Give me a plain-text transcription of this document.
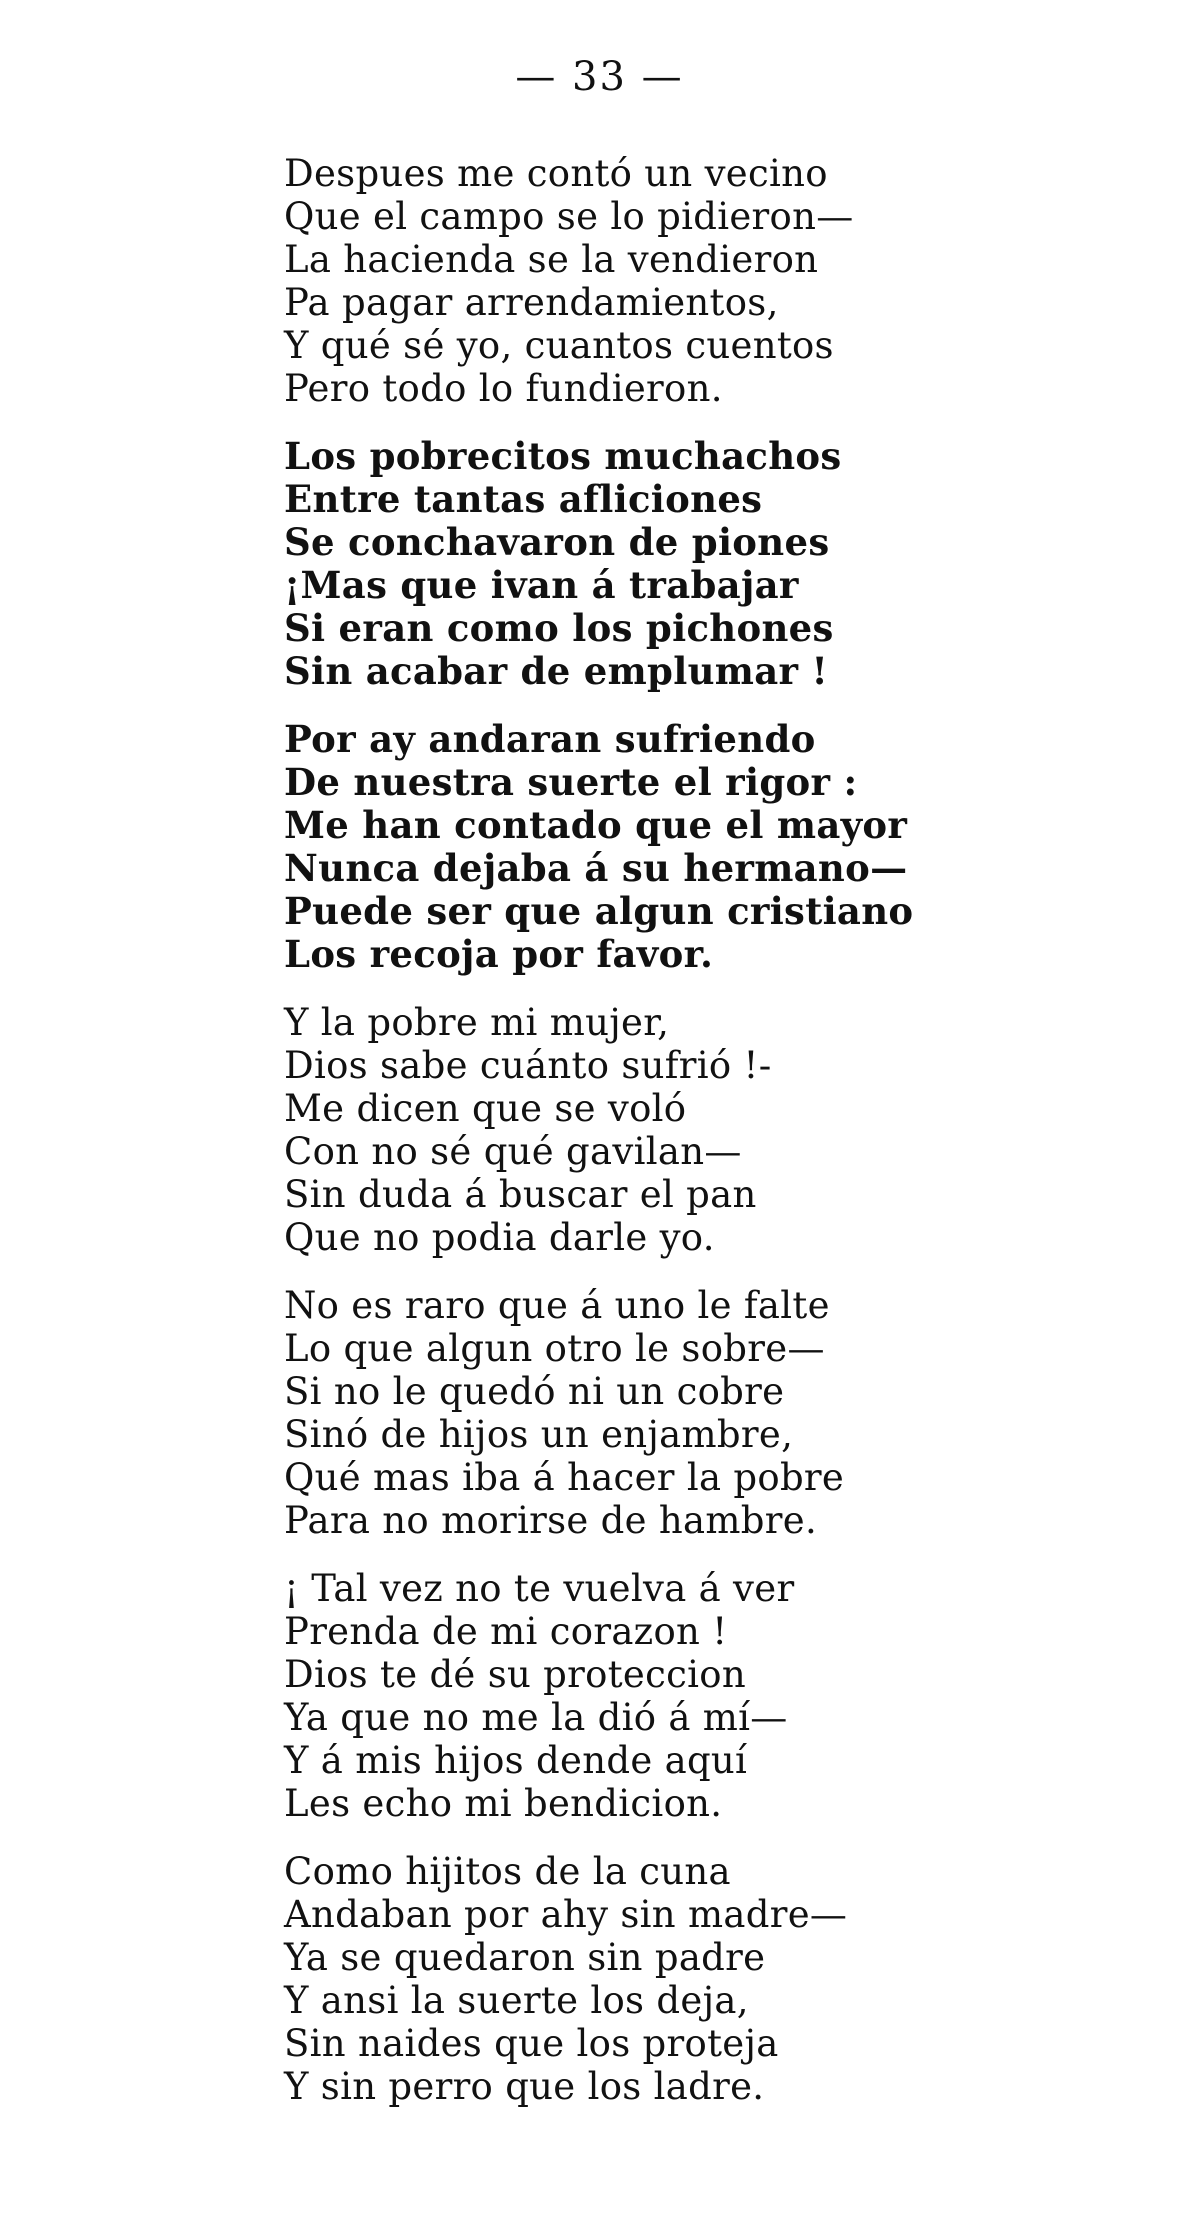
— 33 —
Despues me contó un vecino
Que el campo se lo pidieron—
La hacienda se la vendieron
Pa pagar arrendamientos,
Y qué sé yo, cuantos cuentos
Pero todo lo fundieron.
Los pobrecitos muchachos
Entre tantas afliciones
Se conchavaron de piones
¡Mas que ivan á trabajar
Si eran como los pichones
Sin acabar de emplumar !
Por ay andaran sufriendo
De nuestra suerte el rigor :
Me han contado que el mayor
Nunca dejaba á su hermano—
Puede ser que algun cristiano
Los recoja por favor.
Y la pobre mi mujer,
Dios sabe cuánto sufrió !-
Me dicen que se voló
Con no sé qué gavilan—
Sin duda á buscar el pan
Que no podia darle yo.
No es raro que á uno le falte
Lo que algun otro le sobre—
Si no le quedó ni un cobre
Sinó de hijos un enjambre,
Qué mas iba á hacer la pobre
Para no morirse de hambre.
¡ Tal vez no te vuelva á ver
Prenda de mi corazon !
Dios te dé su proteccion
Ya que no me la dió á mí—
Y á mis hijos dende aquí
Les echo mi bendicion.
Como hijitos de la cuna
Andaban por ahy sin madre—
Ya se quedaron sin padre
Y ansi la suerte los deja,
Sin naides que los proteja
Y sin perro que los ladre.
